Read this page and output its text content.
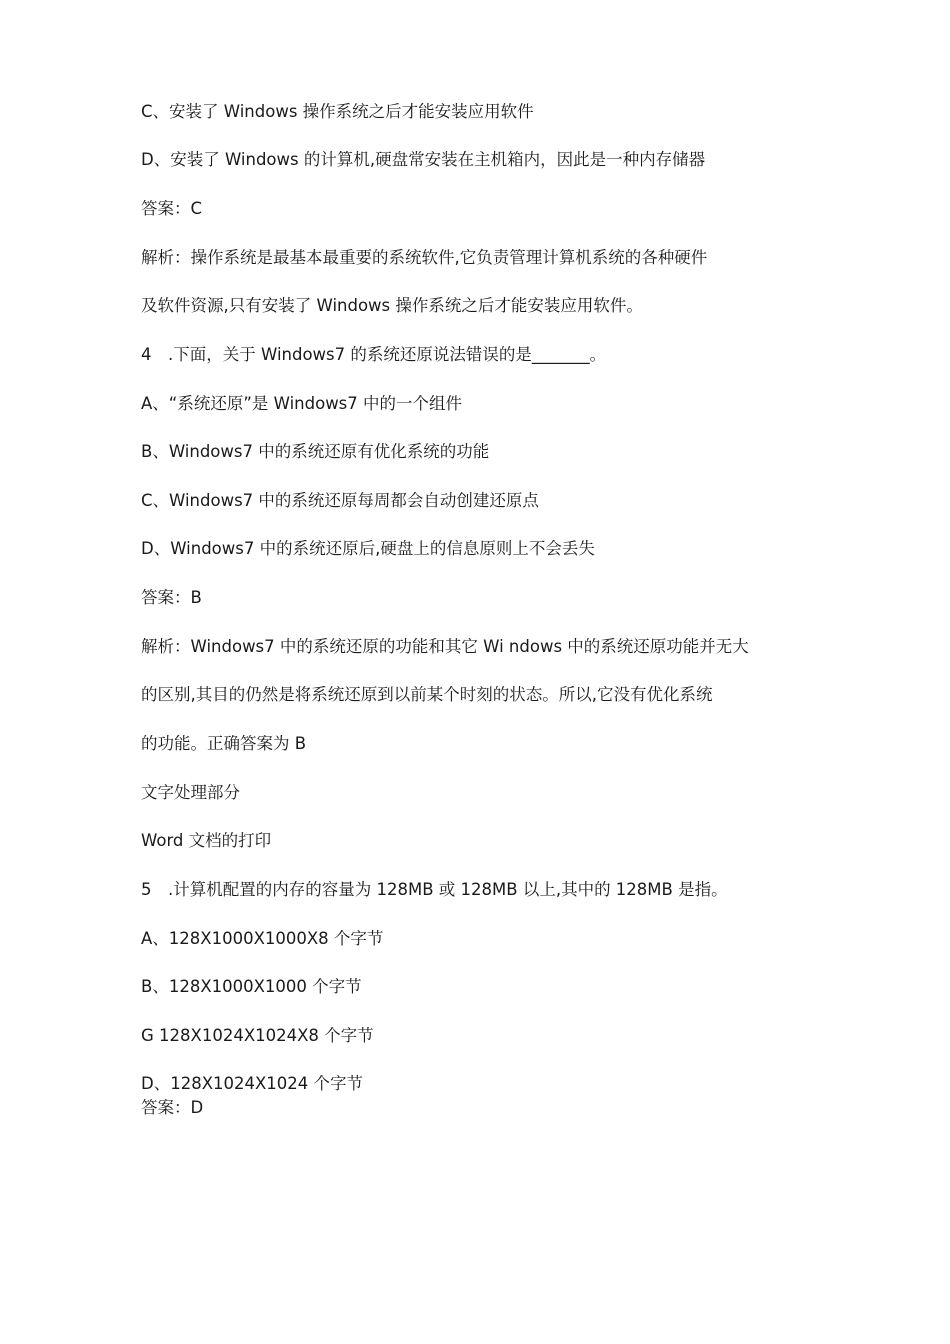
C、安装了 Windows 操作系统之后才能安装应用软件
D、安装了 Windows 的计算机,硬盘常安装在主机箱内，因此是一种内存储器
答案：C
解析：操作系统是最基本最重要的系统软件,它负责管理计算机系统的各种硬件
及软件资源,只有安装了 Windows 操作系统之后才能安装应用软件。
4 .下面，关于 Windows7 的系统还原说法错误的是_______。
A、“系统还原”是 Windows7 中的一个组件
B、Windows7 中的系统还原有优化系统的功能
C、Windows7 中的系统还原每周都会自动创建还原点
D、Windows7 中的系统还原后,硬盘上的信息原则上不会丢失
答案：B
解析：Windows7 中的系统还原的功能和其它 Wi ndows 中的系统还原功能并无大
的区别,其目的仍然是将系统还原到以前某个时刻的状态。所以,它没有优化系统
的功能。正确答案为 B
文字处理部分
Word 文档的打印
5 .计算机配置的内存的容量为 128MB 或 128MB 以上,其中的 128MB 是指。
A、128X1000X1000X8 个字节
B、128X1000X1000 个字节
G 128X1024X1024X8 个字节
D、128X1024X1024 个字节
答案：D
